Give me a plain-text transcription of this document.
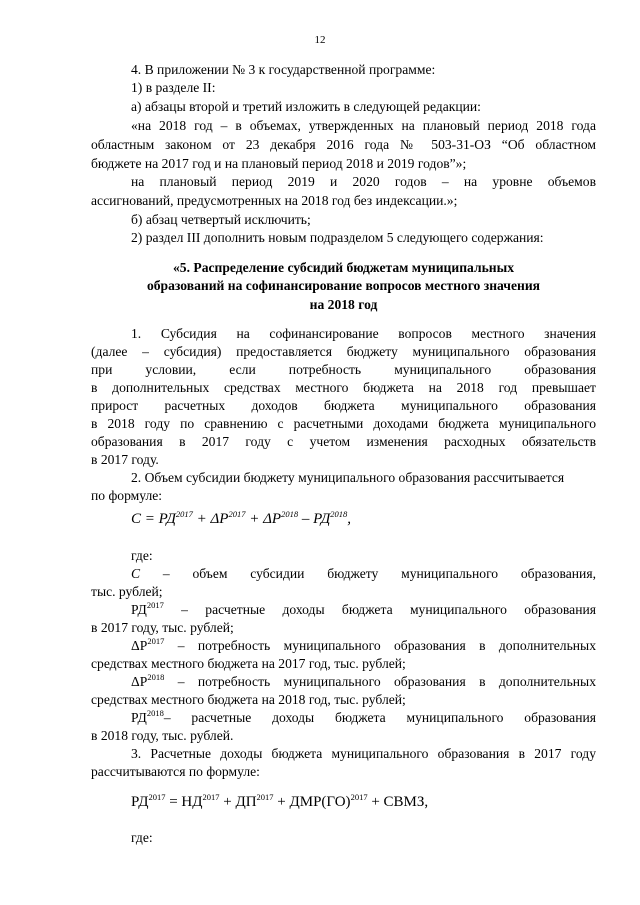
12
4. В приложении № 3 к государственной программе:
1) в разделе II:
а) абзацы второй и третий изложить в следующей редакции:
«на 2018 год – в объемах, утвержденных на плановый период 2018 года
областным законом от 23 декабря 2016 года № 503-31-ОЗ “Об областном
бюджете на 2017 год и на плановый период 2018 и 2019 годов”»;
на плановый период 2019 и 2020 годов – на уровне объемов
ассигнований, предусмотренных на 2018 год без индексации.»;
б) абзац четвертый исключить;
2) раздел III дополнить новым подразделом 5 следующего содержания:
«5. Распределение субсидий бюджетам муниципальных
образований на софинансирование вопросов местного значения
на 2018 год
1. Субсидия на софинансирование вопросов местного значения
(далее – субсидия) предоставляется бюджету муниципального образования
при условии, если потребность муниципального образования
в дополнительных средствах местного бюджета на 2018 год превышает
прирост расчетных доходов бюджета муниципального образования
в 2018 году по сравнению с расчетными доходами бюджета муниципального
образования в 2017 году с учетом изменения расходных обязательств
в 2017 году.
2. Объем субсидии бюджету муниципального образования рассчитывается
по формуле:
$С = РД^{2017} + \Delta Р^{2017} + \Delta Р^{2018} - РД^{2018}$,
где:
С – объем субсидии бюджету муниципального образования,
тыс. рублей;
$РД^{2017}$ – расчетные доходы бюджета муниципального образования
в 2017 году, тыс. рублей;
$\Delta Р^{2017}$ – потребность муниципального образования в дополнительных
средствах местного бюджета на 2017 год, тыс. рублей;
$\Delta Р^{2018}$ – потребность муниципального образования в дополнительных
средствах местного бюджета на 2018 год, тыс. рублей;
$РД^{2018}-$ расчетные доходы бюджета муниципального образования
в 2018 году, тыс. рублей.
3. Расчетные доходы бюджета муниципального образования в 2017 году
рассчитываются по формуле:
$РД^{2017} = НД^{2017} + ДП^{2017} + ДМР(ГО)^{2017}$ + СВМЗ,
где:
